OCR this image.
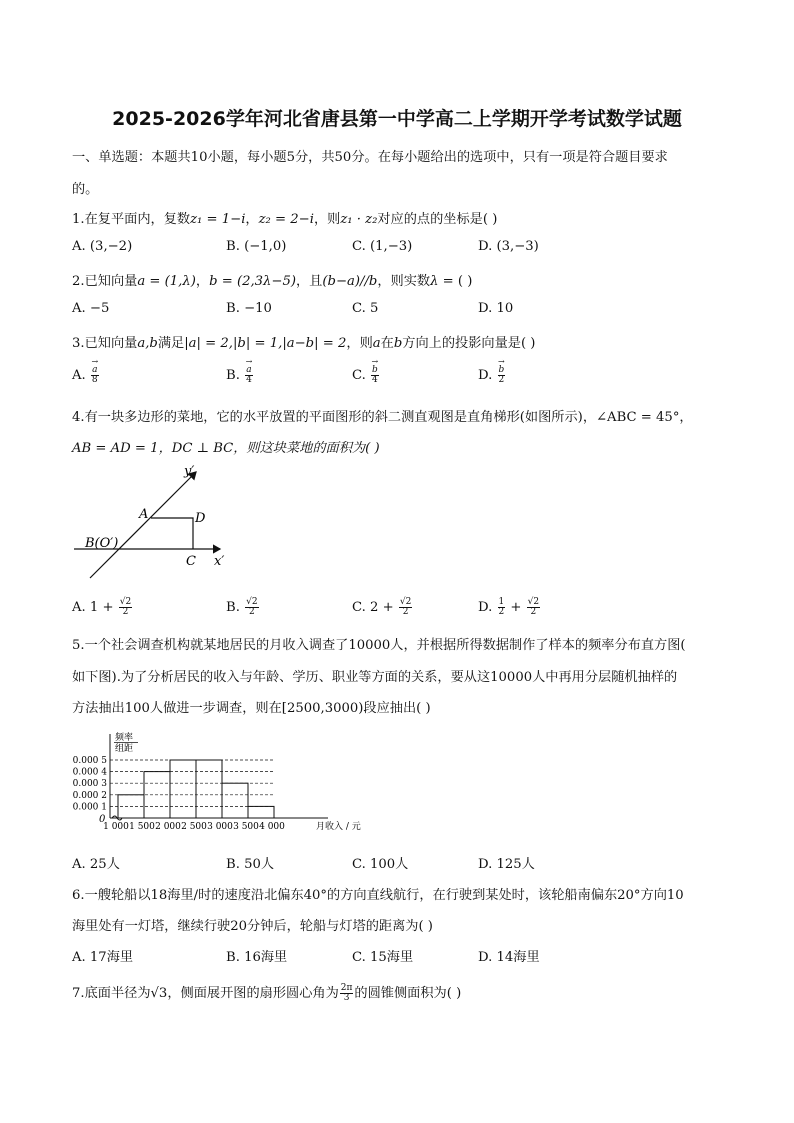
2025-2026学年河北省唐县第一中学高二上学期开学考试数学试题
一、单选题：本题共10小题，每小题5分，共50分。在每小题给出的选项中，只有一项是符合题目要求
的。
1.在复平面内，复数z₁ = 1−i，z₂ = 2−i，则z₁ · z₂对应的点的坐标是( )
A. (3,−2)	B. (−1,0)	C. (1,−3)	D. (3,−3)
2.已知向量a = (1,λ)，b = (2,3λ−5)，且(b−a)//b，则实数λ = ( )
A. −5	B. −10	C. 5	D. 10
3.已知向量a,b满足|a| = 2,|b| = 1,|a−b| = 2，则a在b方向上的投影向量是( )
A. → $\frac{a}{8}$	B. → $\frac{a}{4}$	C. → $\frac{b}{4}$	D. → $\frac{b}{2}$
4.有一块多边形的菜地，它的水平放置的平面图形的斜二测直观图是直角梯形(如图所示)，∠ABC = 45°，
AB = AD = 1，DC ⊥ BC，则这块菜地的面积为( )
y′
x′
A	D
B(O′)
C
A. $1 + \frac{√2}{2}$	B. $\frac{√2}{2}$	C. $2 + \frac{√2}{2}$	D. $\frac{1}{2} + \frac{√2}{2}$
5.一个社会调查机构就某地居民的月收入调查了10000人，并根据所得数据制作了样本的频率分布直方图(
如下图).为了分析居民的收入与年龄、学历、职业等方面的关系，要从这10000人中再用分层随机抽样的
方法抽出100人做进一步调查，则在[2500,3000)段应抽出( )
0.000 1
0.000 2
0.000 3
0.000 4
0.000 5
1 000 1 500 2 000 2 500 3 000 3 500 4 000
频率
组距
0
月收入 / 元
A. 25人	B. 50人	C. 100人	D. 125人
6.一艘轮船以18海里/时的速度沿北偏东40°的方向直线航行，在行驶到某处时，该轮船南偏东20°方向10
海里处有一灯塔，继续行驶20分钟后，轮船与灯塔的距离为( )
A. 17海里	B. 16海里	C. 15海里	D. 14海里
7.底面半径为√3，侧面展开图的扇形圆心角为 $\frac{2\pi}{3}$ 的圆锥侧面积为( )
